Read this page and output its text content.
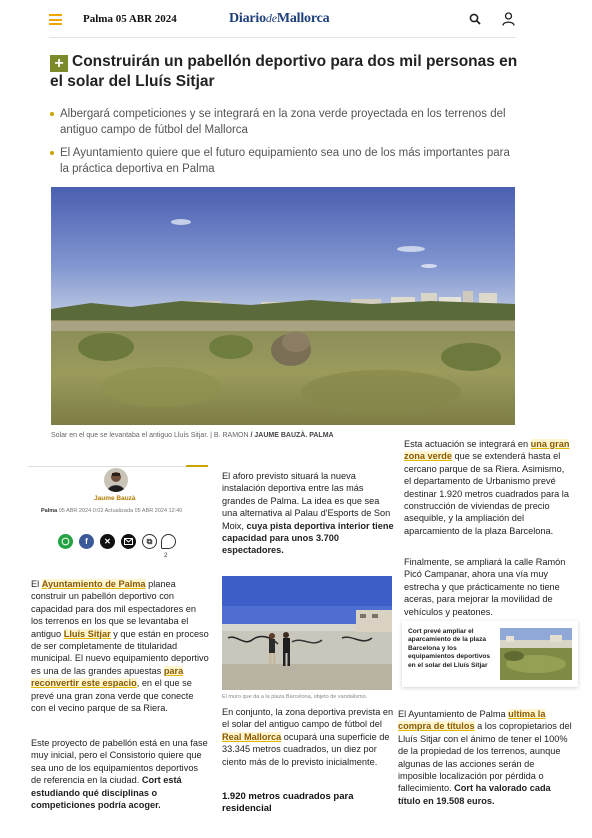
Palma 05 ABR 2024	DiariodeMallorca
+ Construirán un pabellón deportivo para dos mil personas en el solar del Lluís Sitjar
Albergará competiciones y se integrará en la zona verde proyectada en los terrenos del antiguo campo de fútbol del Mallorca
El Ayuntamiento quiere que el futuro equipamiento sea uno de los más importantes para la práctica deportiva en Palma
Solar en el que se levantaba el antiguo Lluís Sitjar. | B. RAMON / JAUME BAUZÀ. PALMA
Jaume Bauzà
Palma 05 ABR 2024 0:02 Actualizada 05 ABR 2024 12:40
f	✕	⧉
2

El Ayuntamiento de Palma planea construir un pabellón deportivo con capacidad para dos mil espectadores en los terrenos en los que se levantaba el antiguo Lluís Sitjar y que están en proceso de ser completamente de titularidad municipal. El nuevo equipamiento deportivo es una de las grandes apuestas para reconvertir este espacio, en el que se prevé una gran zona verde que conecte con el vecino parque de sa Riera.

Este proyecto de pabellón está en una fase muy inicial, pero el Consistorio quiere que sea uno de los equipamientos deportivos de referencia en la ciudad. Cort está estudiando qué disciplinas o competiciones podría acoger.

El aforo previsto situará la nueva instalación deportiva entre las más grandes de Palma. La idea es que sea una alternativa al Palau d'Esports de Son Moix, cuya pista deportiva interior tiene capacidad para unos 3.700 espectadores.

El muro que da a la plaza Barcelona, objeto de vandalismo.

En conjunto, la zona deportiva prevista en el solar del antiguo campo de fútbol del Real Mallorca ocupará una superficie de 33.345 metros cuadrados, un diez por ciento más de lo previsto inicialmente.

1.920 metros cuadrados para residencial

Esta actuación se integrará en una gran zona verde que se extenderá hasta el cercano parque de sa Riera. Asimismo, el departamento de Urbanismo prevé destinar 1.920 metros cuadrados para la construcción de viviendas de precio asequible, y la ampliación del aparcamiento de la plaza Barcelona.

Finalmente, se ampliará la calle Ramón Picó Campanar, ahora una vía muy estrecha y que prácticamente no tiene aceras, para mejorar la movilidad de vehículos y peatones.

Cort prevé ampliar el aparcamiento de la plaza Barcelona y los equipamientos deportivos en el solar del Lluís Sitjar

El Ayuntamiento de Palma ultima la compra de títulos a los copropietarios del Lluís Sitjar con el ánimo de tener el 100% de la propiedad de los terrenos, aunque algunas de las acciones serán de imposible localización por pérdida o fallecimiento. Cort ha valorado cada título en 19.508 euros.
